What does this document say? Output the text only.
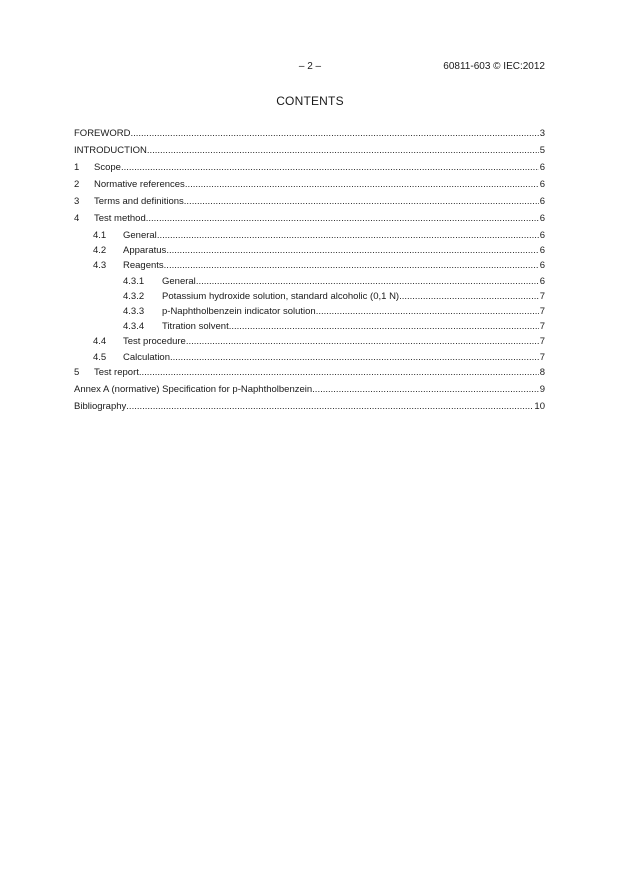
– 2 –	60811-603 © IEC:2012
CONTENTS
FOREWORD .....	3
INTRODUCTION .....	5
1 Scope .....	6
2 Normative references .....	6
3 Terms and definitions .....	6
4 Test method .....	6
4.1 General .....	6
4.2 Apparatus .....	6
4.3 Reagents .....	6
4.3.1 General .....	6
4.3.2 Potassium hydroxide solution, standard alcoholic (0,1 N) .....	7
4.3.3 p-Naphtholbenzein indicator solution .....	7
4.3.4 Titration solvent .....	7
4.4 Test procedure .....	7
4.5 Calculation .....	7
5 Test report .....	8
Annex A (normative) Specification for p-Naphtholbenzein .....	9
Bibliography .....	10
